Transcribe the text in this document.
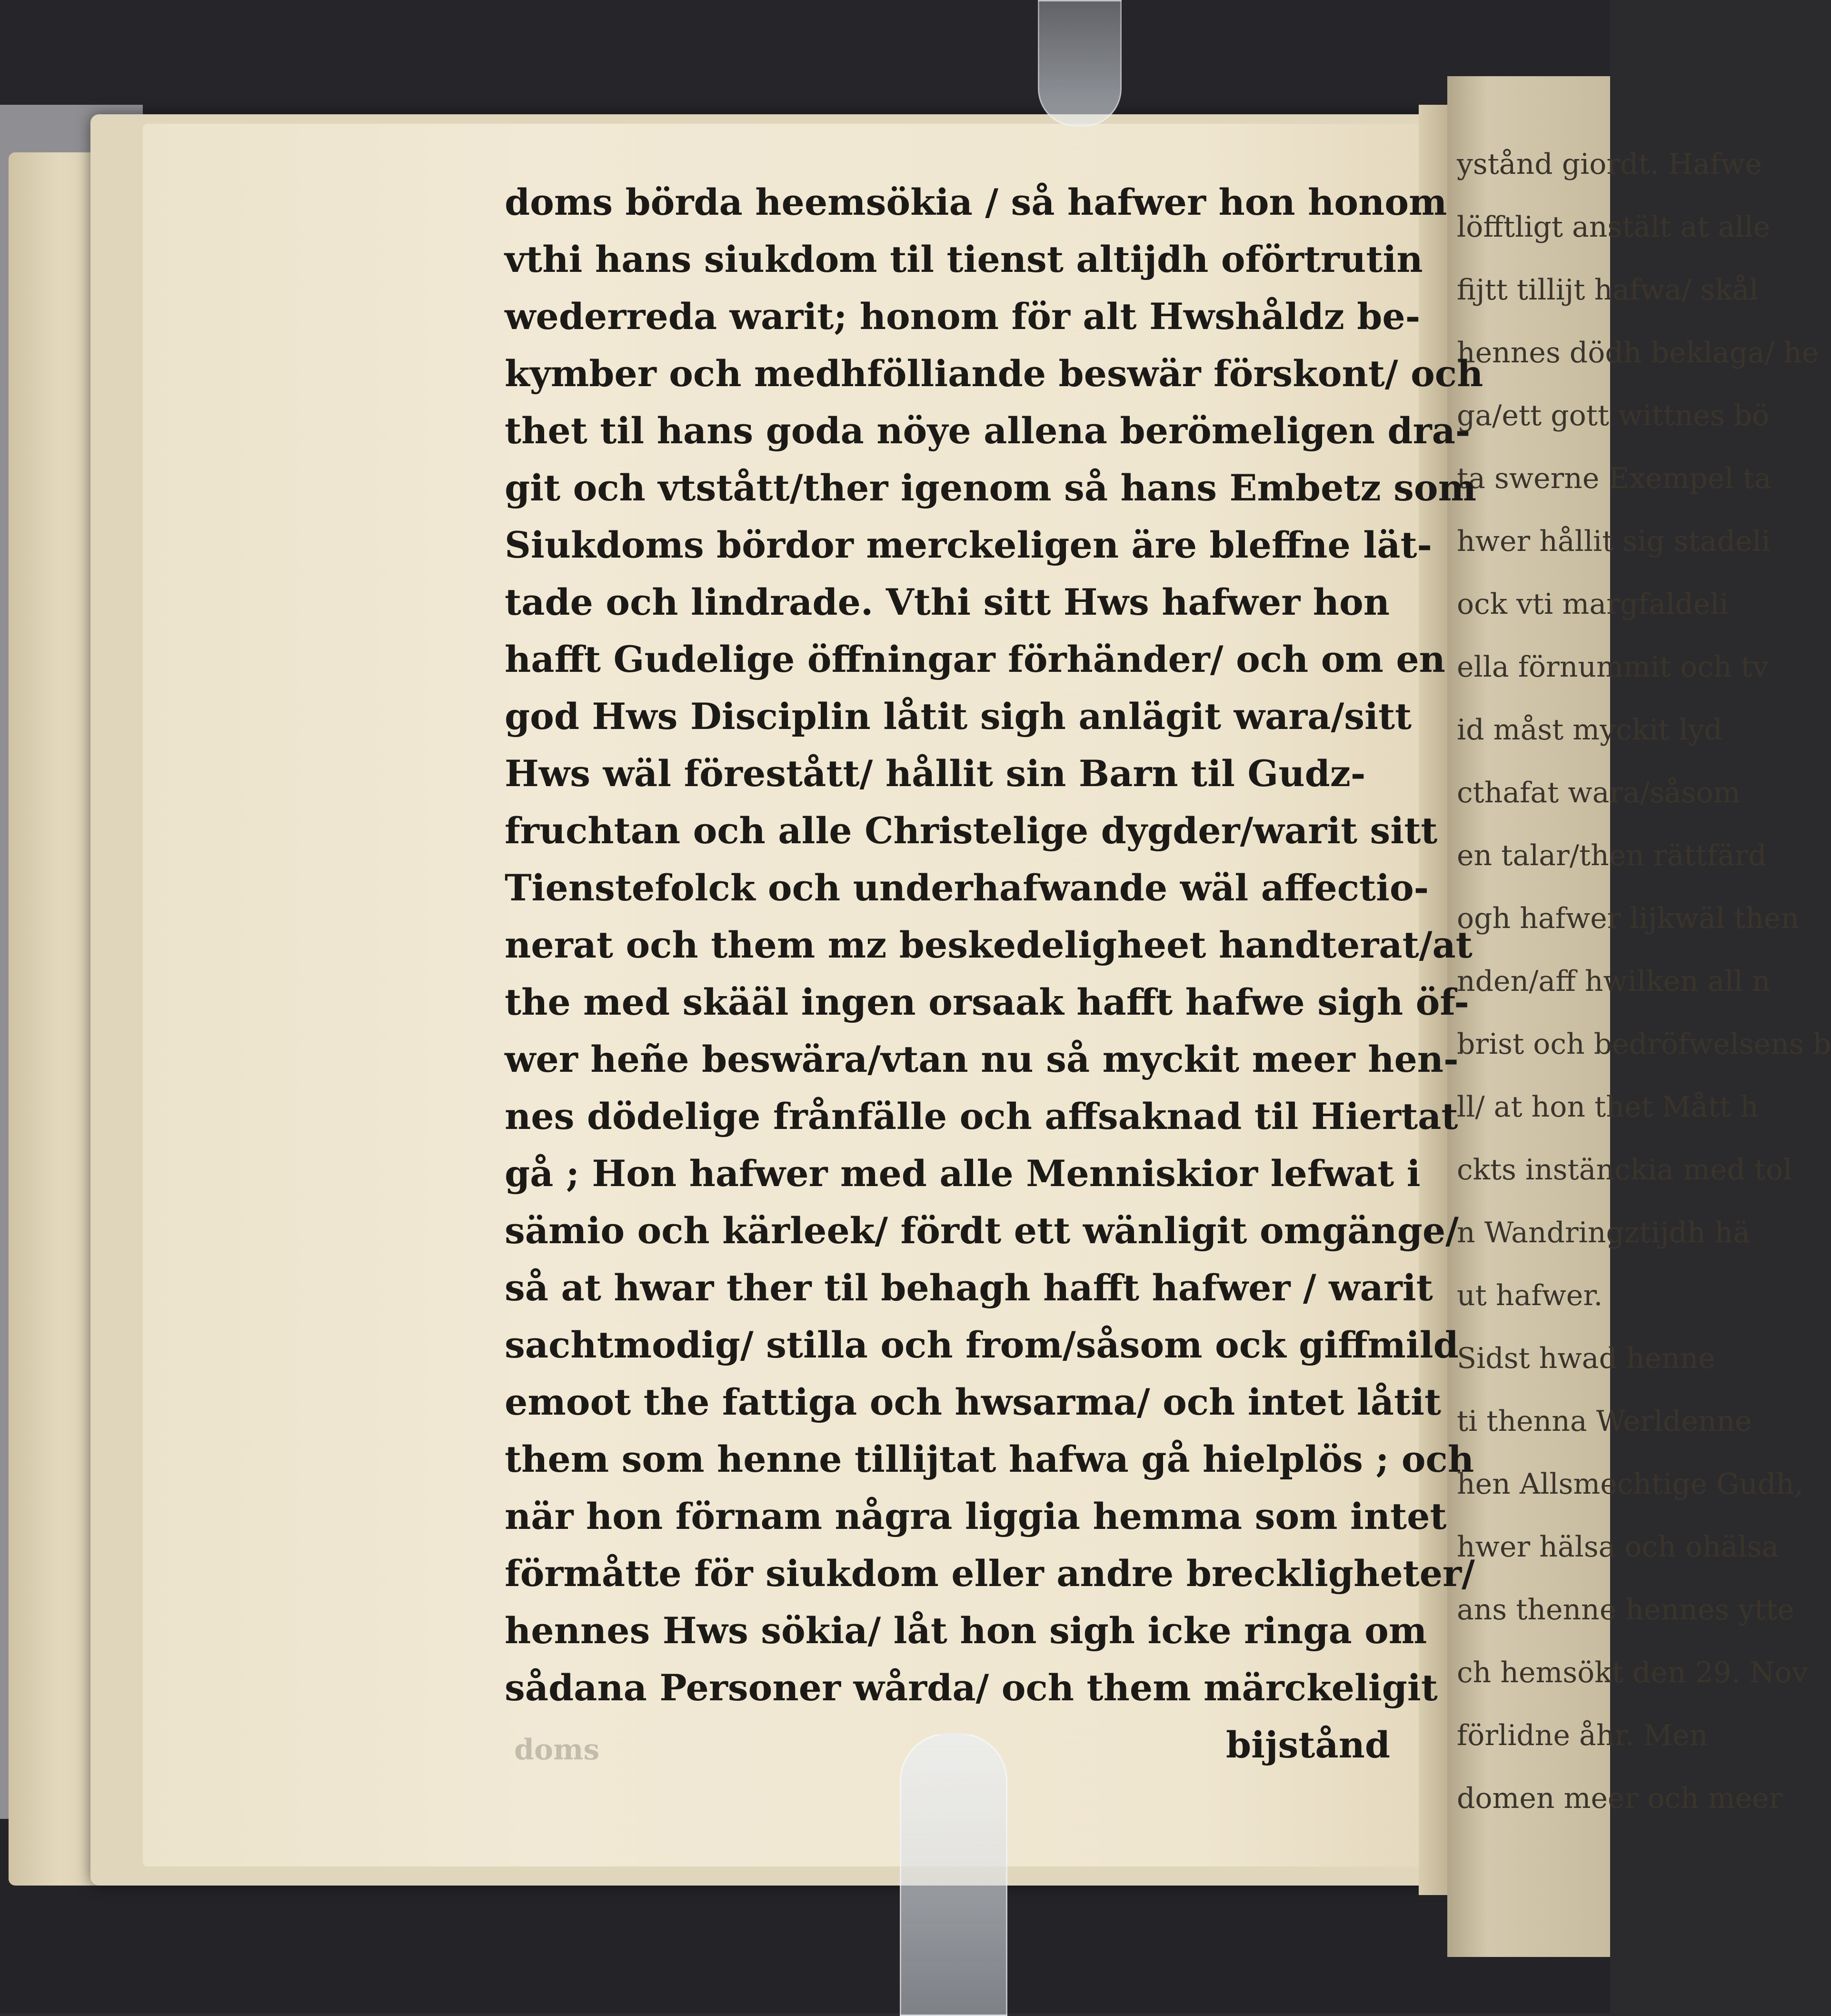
ystånd giordt. Hafwe
löfftligt anstält at alle
fijtt tillijt hafwa/ skål
hennes dödh beklaga/ he
ga/ett gott wittnes bö
ta swerne Exempel ta
hwer hållit sig stadeli
ock vti margfaldeli
ella förnummit och tv
id måst myckit lyd
cthafat wara/såsom
en talar/then rättfärd
ogh hafwer lijkwäl then
nden/aff hwilken all n
brist och bedröfwelsens b
ll/ at hon thet Mått h
ckts instänckia med tol
n Wandringztijdh hä
ut hafwer.
Sidst hwad henne
ti thenna Werldenne
hen Allsmechtige Gudh,
hwer hälsa och ohälsa
ans thenne hennes ytte
ch hemsökt den 29. Nov
förlidne åhr. Men
domen meer och meer
doms börda heemsökia / så hafwer hon honom
vthi hans siukdom til tienst altijdh oförtrutin
wederreda warit; honom för alt Hwshåldz be-
kymber och medhfölliande beswär förskont/ och
thet til hans goda nöye allena berömeligen dra-
git och vtstått/ther igenom så hans Embetz som
Siukdoms bördor merckeligen äre bleffne lät-
tade och lindrade. Vthi sitt Hws hafwer hon
hafft Gudelige öffningar förhänder/ och om en
god Hws Disciplin låtit sigh anlägit wara/sitt
Hws wäl förestått/ hållit sin Barn til Gudz-
fruchtan och alle Christelige dygder/warit sitt
Tienstefolck och underhafwande wäl affectio-
nerat och them mz beskedeligheet handterat/at
the med skääl ingen orsaak hafft hafwe sigh öf-
wer heñe beswära/vtan nu så myckit meer hen-
nes dödelige frånfälle och affsaknad til Hiertat
gå ; Hon hafwer med alle Menniskior lefwat i
sämio och kärleek/ fördt ett wänligit omgänge/
så at hwar ther til behagh hafft hafwer / warit
sachtmodig/ stilla och from/såsom ock giffmild
emoot the fattiga och hwsarma/ och intet låtit
them som henne tillijtat hafwa gå hielplös ; och
när hon förnam några liggia hemma som intet
förmåtte för siukdom eller andre breckligheter/
hennes Hws sökia/ låt hon sigh icke ringa om
sådana Personer wårda/ och them märckeligit
bijstånd
doms
